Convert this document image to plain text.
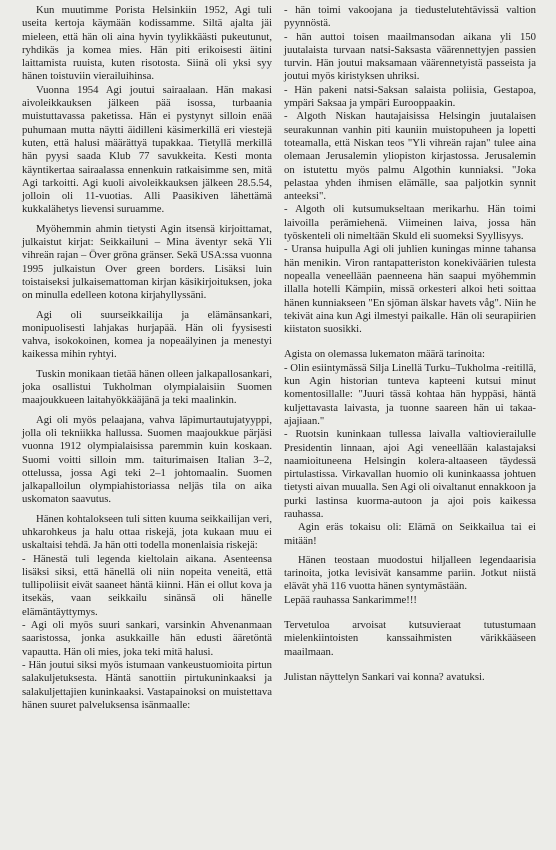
Kun muutimme Porista Helsinkiin 1952, Agi tuli useita kertoja käymään kodissamme. Siltä ajalta jäi mieleen, että hän oli aina hyvin tyylikkäästi pukeutunut, ryhdikäs ja komea mies. Hän piti erikoisesti äitini laittamista ruuista, kuten risotosta. Siinä oli yksi syy hänen toistuviin vierailuihinsa.

Vuonna 1954 Agi joutui sairaalaan. Hän makasi aivoleikkauksen jälkeen pää isossa, turbaania muistuttavassa paketissa. Hän ei pystynyt silloin enää puhumaan mutta näytti äidilleni käsimerkillä eri viestejä kuten, että halusi määrättyä tupakkaa. Tietyllä merkillä hän pyysi saada Klub 77 savukkeita. Kesti monta käyntikertaa sairaalassa ennenkuin ratkaisimme sen, mitä Agi tarkoitti. Agi kuoli aivoleikkauksen jälkeen 28.5.54, jolloin oli 11-vuotias. Alli Paasikiven lähettämä kukkalähetys lievensi suruamme.

Myöhemmin ahmin tietysti Agin itsensä kirjoittamat, julkaistut kirjat: Seikkailuni – Mina äventyr sekä Yli vihreän rajan – Över gröna gränser. Sekä USA:ssa vuonna 1995 julkaistun Over green borders. Lisäksi luin toistaiseksi julkaisemattoman kirjan käsikirjoituksen, joka on minulla edelleen kotona kirjahyllyssäni.

Agi oli suurseikkailija ja elämänsankari, monipuolisesti lahjakas hurjapää. Hän oli fyysisesti vahva, isokokoinen, komea ja nopeaälyinen ja menestyi kaikessa mihin ryhtyi.

Tuskin monikaan tietää hänen olleen jalkapallosankari, joka osallistui Tukholman olympialaisiin Suomen maajoukkueen laitahyökkääjänä ja teki maalinkin.

Agi oli myös pelaajana, vahva läpimurtautujatyyppi, jolla oli tekniikka hallussa. Suomen maajoukkue pärjäsi vuonna 1912 olympialaisissa paremmin kuin koskaan. Suomi voitti silloin mm. taiturimaisen Italian 3–2, ottelussa, jossa Agi teki 2–1 johtomaalin. Suomen jalkapalloilun olympiahistoriassa neljäs tila on aika uskomaton saavutus.

Hänen kohtalokseen tuli sitten kuuma seikkailijan veri, uhkarohkeus ja halu ottaa riskejä, jota kukaan muu ei uskaltaisi tehdä. Ja hän otti todella monenlaisia riskejä:

- Hänestä tuli legenda kieltolain aikana. Asenteensa lisäksi siksi, että hänellä oli niin nopeita veneitä, että tullipoliisit eivät saaneet häntä kiinni. Hän ei ollut kova ja itsekäs, vaan seikkailu sinänsä oli hänelle elämäntäyttymys.

- Agi oli myös suuri sankari, varsinkin Ahvenanmaan saaristossa, jonka asukkaille hän edusti ääretöntä vapautta. Hän oli mies, joka teki mitä halusi.

- Hän joutui siksi myös istumaan vankeustuomioita pirtun salakuljetuksesta. Häntä sanottiin pirtukuninkaaksi ja salakuljettajien kuninkaaksi. Vastapainoksi on muistettava hänen suuret palveluksensa isänmaalle:

- hän toimi vakoojana ja tiedustelutehtävissä valtion pyynnöstä.

- hän auttoi toisen maailmansodan aikana yli 150 juutalaista turvaan natsi-Saksasta väärennettyjen passien turvin. Hän joutui maksamaan väärennetyistä passeista ja joutui myös kiristyksen uhriksi.

- Hän pakeni natsi-Saksan salaista poliisia, Gestapoa, ympäri Saksaa ja ympäri Eurooppaakin.

- Algoth Niskan hautajaisissa Helsingin juutalaisen seurakunnan vanhin piti kauniin muistopuheen ja lopetti toteamalla, että Niskan teos "Yli vihreän rajan" tulee aina olemaan Jerusalemin yliopiston kirjastossa. Jerusalemin on istutettu myös palmu Algothin kunniaksi. "Joka pelastaa yhden ihmisen elämälle, saa paljotkin synnit anteeksi".

- Algoth oli kutsumukseltaan merikarhu. Hän toimi laivoilla perämiehenä. Viimeinen laiva, jossa hän työskenteli oli nimeltään Skuld eli suomeksi Syyllisyys.

- Uransa huipulla Agi oli juhlien kuningas minne tahansa hän menikin. Viron rantapatteriston konekiväärien tulesta nopealla veneellään paenneena hän saapui myöhemmin illalla hotelli Kämpiin, missä orkesteri alkoi heti soittaa hänen kunniakseen "En sjöman älskar havets våg". Niin he tekivät aina kun Agi ilmestyi paikalle. Hän oli seurapiirien kiistaton suosikki.

Agista on olemassa lukematon määrä tarinoita:

- Olin esiintymässä Silja Linellä Turku–Tukholma -reitillä, kun Agin historian tunteva kapteeni kutsui minut komentosillalle: "Juuri tässä kohtaa hän hyppäsi, häntä kuljettavasta laivasta, ja tuonne saareen hän ui takaa-ajajiaan."

- Ruotsin kuninkaan tullessa laivalla valtiovierailulle Presidentin linnaan, ajoi Agi veneellään kalastajaksi naamioituneena Helsingin kolera-altaaseen täydessä pirtulastissa. Virkavallan huomio oli kuninkaassa johtuen tietysti aivan muualla. Sen Agi oli oivaltanut ennakkoon ja purki lastinsa kuorma-autoon ja ajoi pois kaikessa rauhassa.

Agin eräs tokaisu oli: Elämä on Seikkailua tai ei mitään!

Hänen teostaan muodostui hiljalleen legendaarisia tarinoita, jotka levisivät kansamme pariin. Jotkut niistä elävät yhä 116 vuotta hänen syntymästään.

Lepää rauhassa Sankarimme!!!

Tervetuloa arvoisat kutsuvieraat tutustumaan mielenkiintoisten kanssaihmisten värikkääseen maailmaan.

Julistan näyttelyn Sankari vai konna? avatuksi.
